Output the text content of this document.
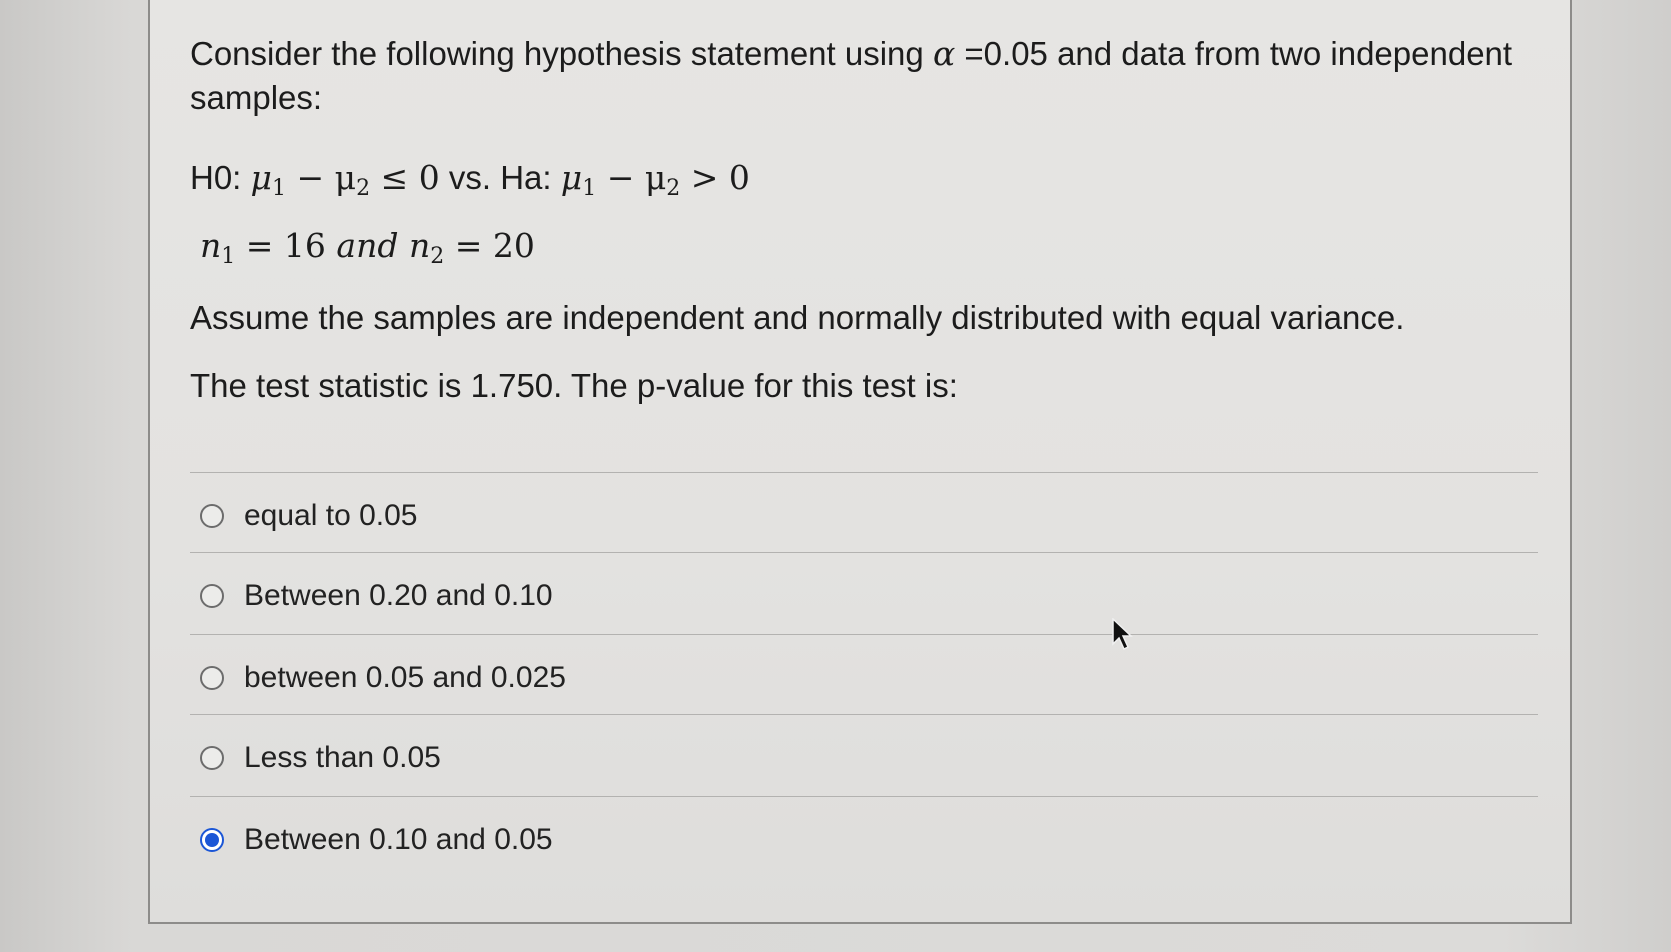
Consider the following hypothesis statement using α =0.05 and data from two independent
samples:
H0: $\mu_1 - \mu_2 \le 0$ vs. Ha: $\mu_1 - \mu_2 > 0$
$n_1 = 16$ and $n_2 = 20$
Assume the samples are independent and normally distributed with equal variance.
The test statistic is 1.750. The p-value for this test is:
equal to 0.05
Between 0.20 and 0.10
between 0.05 and 0.025
Less than 0.05
Between 0.10 and 0.05
